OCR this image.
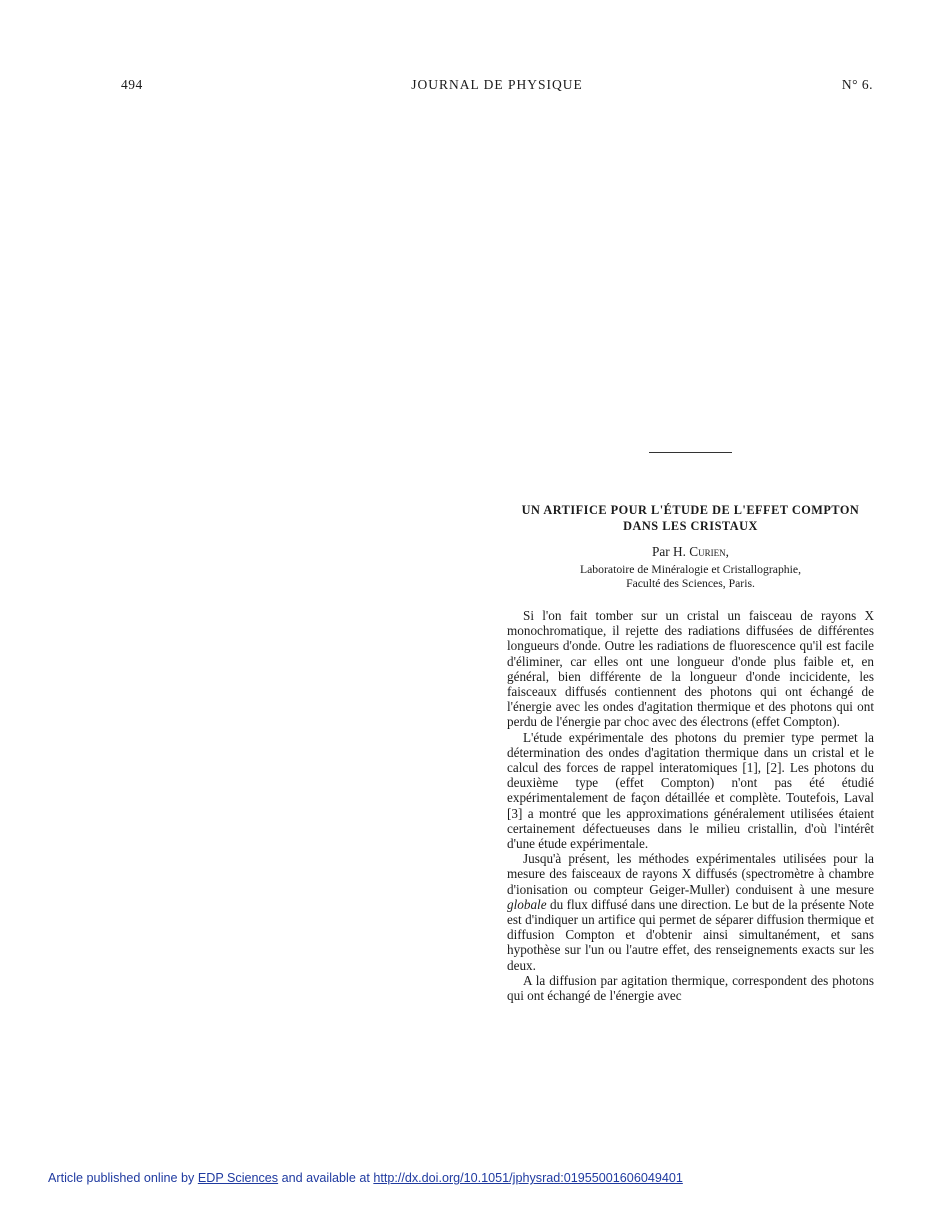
494	JOURNAL DE PHYSIQUE	N° 6.
UN ARTIFICE POUR L'ÉTUDE DE L'EFFET COMPTON
DANS LES CRISTAUX
Par H. Curien,
Laboratoire de Minéralogie et Cristallographie,
Faculté des Sciences, Paris.

Si l'on fait tomber sur un cristal un faisceau de rayons X monochromatique, il rejette des radiations diffusées de différentes longueurs d'onde. Outre les radiations de fluorescence qu'il est facile d'éliminer, car elles ont une longueur d'onde plus faible et, en général, bien différente de la longueur d'onde incicidente, les faisceaux diffusés contiennent des photons qui ont échangé de l'énergie avec les ondes d'agitation thermique et des photons qui ont perdu de l'énergie par choc avec des électrons (effet Compton).

L'étude expérimentale des photons du premier type permet la détermination des ondes d'agitation thermique dans un cristal et le calcul des forces de rappel interatomiques [1], [2]. Les photons du deuxième type (effet Compton) n'ont pas été étudié expérimentalement de façon détaillée et complète. Toutefois, Laval [3] a montré que les approximations généralement utilisées étaient certainement défectueuses dans le milieu cristallin, d'où l'intérêt d'une étude expérimentale.

Jusqu'à présent, les méthodes expérimentales utilisées pour la mesure des faisceaux de rayons X diffusés (spectromètre à chambre d'ionisation ou compteur Geiger-Muller) conduisent à une mesure globale du flux diffusé dans une direction. Le but de la présente Note est d'indiquer un artifice qui permet de séparer diffusion thermique et diffusion Compton et d'obtenir ainsi simultanément, et sans hypothèse sur l'un ou l'autre effet, des renseignements exacts sur les deux.

A la diffusion par agitation thermique, correspondent des photons qui ont échangé de l'énergie avec

Article published online by EDP Sciences and available at http://dx.doi.org/10.1051/jphysrad:01955001606049401
